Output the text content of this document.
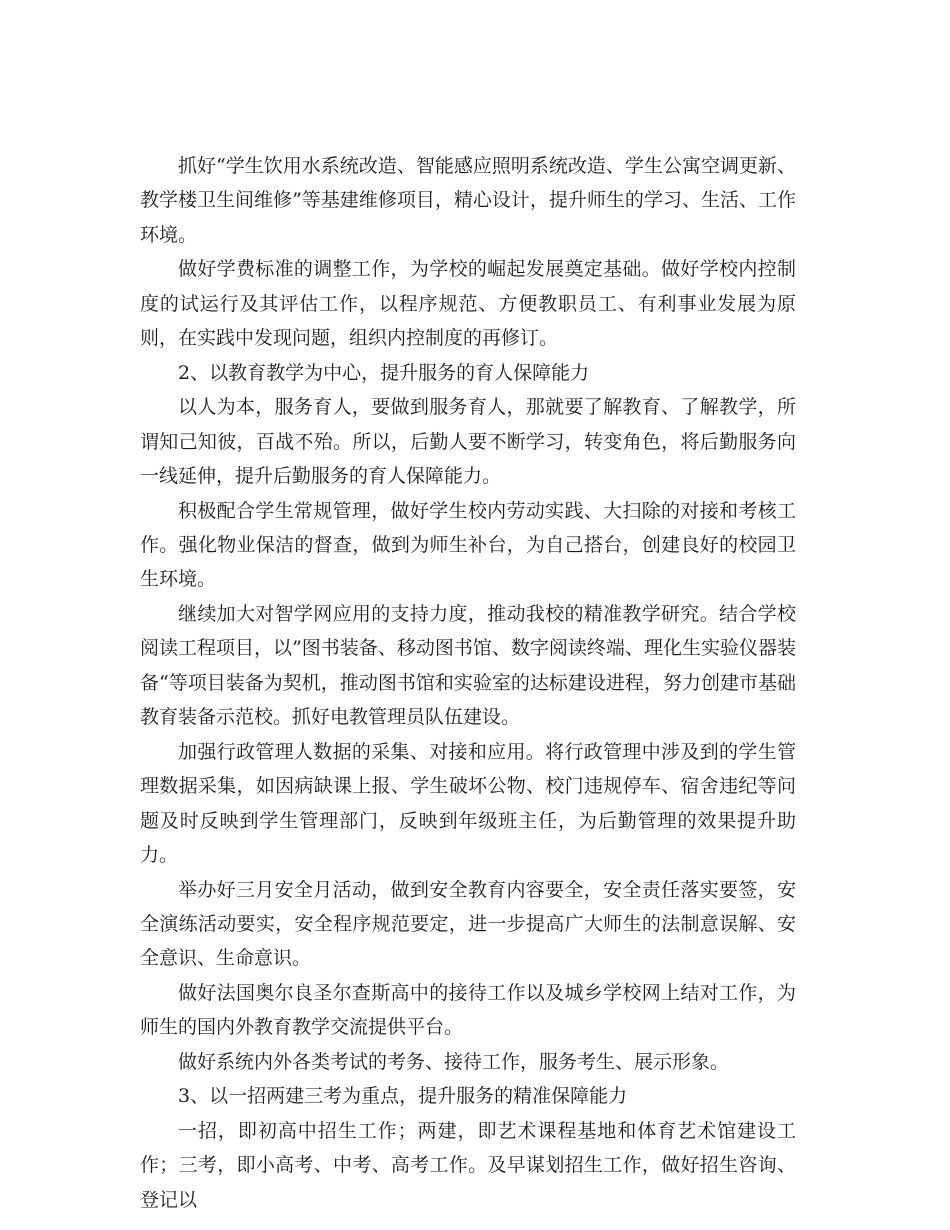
抓好“学生饮用水系统改造、智能感应照明系统改造、学生公寓空调更新、教学楼卫生间维修”等基建维修项目，精心设计，提升师生的学习、生活、工作环境。

做好学费标准的调整工作，为学校的崛起发展奠定基础。做好学校内控制度的试运行及其评估工作，以程序规范、方便教职员工、有利事业发展为原则，在实践中发现问题，组织内控制度的再修订。

2、以教育教学为中心，提升服务的育人保障能力

以人为本，服务育人，要做到服务育人，那就要了解教育、了解教学，所谓知己知彼，百战不殆。所以，后勤人要不断学习，转变角色，将后勤服务向一线延伸，提升后勤服务的育人保障能力。

积极配合学生常规管理，做好学生校内劳动实践、大扫除的对接和考核工作。强化物业保洁的督查，做到为师生补台，为自己搭台，创建良好的校园卫生环境。

继续加大对智学网应用的支持力度，推动我校的精准教学研究。结合学校阅读工程项目，以”图书装备、移动图书馆、数字阅读终端、理化生实验仪器装备“等项目装备为契机，推动图书馆和实验室的达标建设进程，努力创建市基础教育装备示范校。抓好电教管理员队伍建设。

加强行政管理人数据的采集、对接和应用。将行政管理中涉及到的学生管理数据采集，如因病缺课上报、学生破坏公物、校门违规停车、宿舍违纪等问题及时反映到学生管理部门，反映到年级班主任，为后勤管理的效果提升助力。

举办好三月安全月活动，做到安全教育内容要全，安全责任落实要签，安全演练活动要实，安全程序规范要定，进一步提高广大师生的法制意误解、安全意识、生命意识。

做好法国奥尔良圣尔查斯高中的接待工作以及城乡学校网上结对工作，为师生的国内外教育教学交流提供平台。

做好系统内外各类考试的考务、接待工作，服务考生、展示形象。

3、以一招两建三考为重点，提升服务的精准保障能力

一招，即初高中招生工作；两建，即艺术课程基地和体育艺术馆建设工作；三考，即小高考、中考、高考工作。及早谋划招生工作，做好招生咨询、登记以
